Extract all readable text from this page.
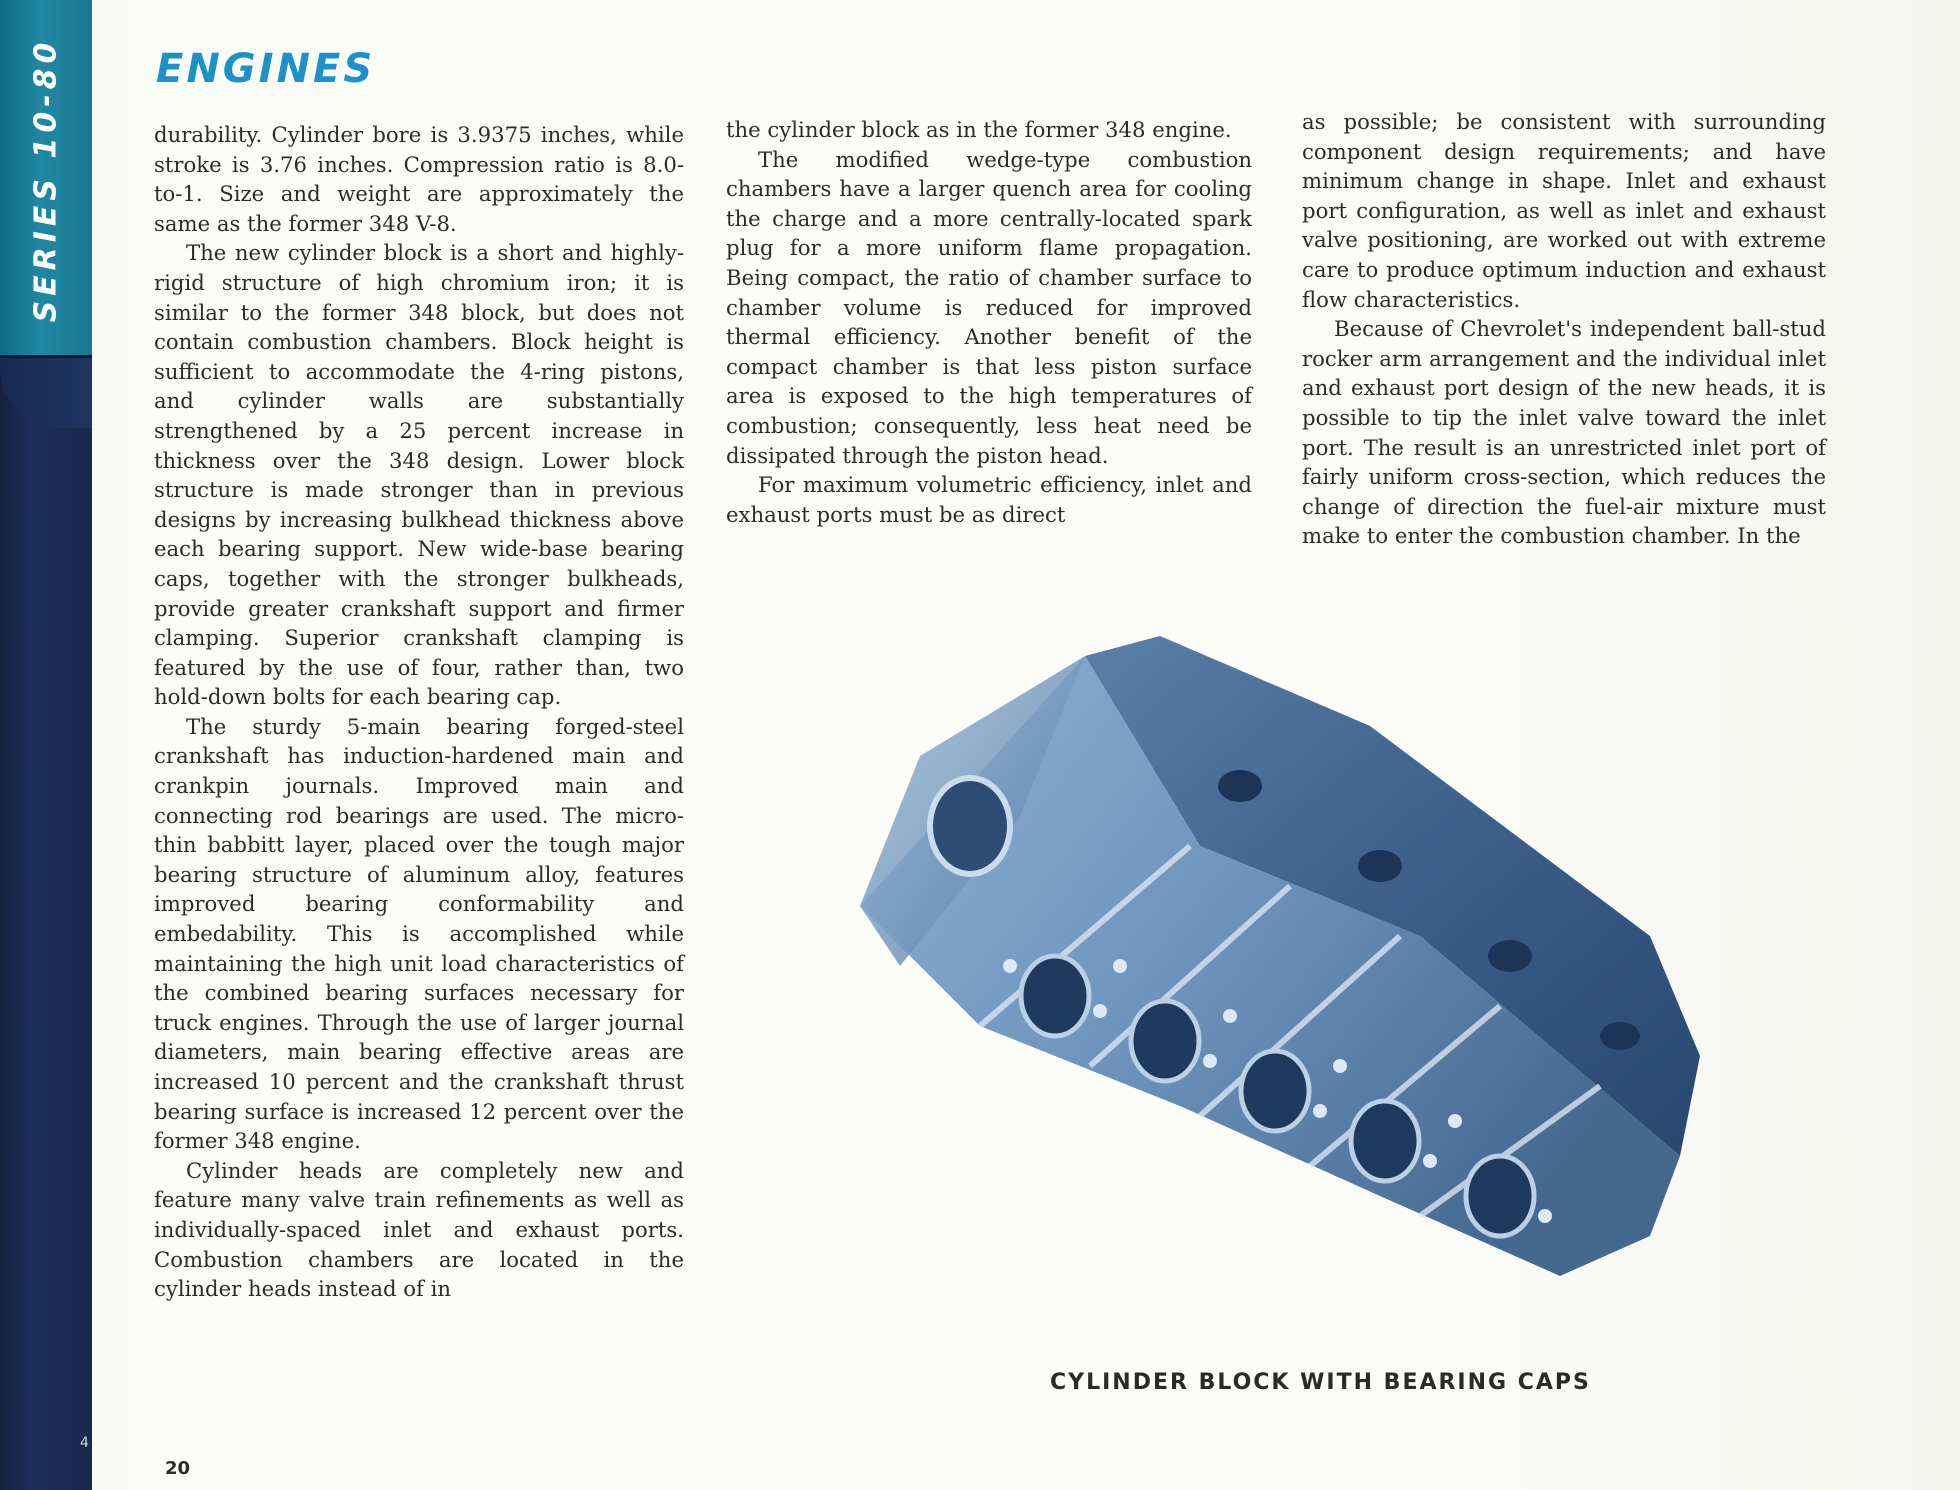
SERIES 10-80
4
ENGINES

durability. Cylinder bore is 3.9375 inches, while stroke is 3.76 inches. Compression ratio is 8.0-to-1. Size and weight are approximately the same as the former 348 V-8.

The new cylinder block is a short and highly-rigid structure of high chromium iron; it is similar to the former 348 block, but does not contain combustion chambers. Block height is sufficient to accommodate the 4-ring pistons, and cylinder walls are substantially strengthened by a 25 percent increase in thickness over the 348 design. Lower block structure is made stronger than in previous designs by increasing bulkhead thickness above each bearing support. New wide-base bearing caps, together with the stronger bulkheads, provide greater crankshaft support and firmer clamping. Superior crankshaft clamping is featured by the use of four, rather than, two hold-down bolts for each bearing cap.

The sturdy 5-main bearing forged-steel crankshaft has induction-hardened main and crankpin journals. Improved main and connecting rod bearings are used. The micro-thin babbitt layer, placed over the tough major bearing structure of aluminum alloy, features improved bearing conformability and embedability. This is accomplished while maintaining the high unit load characteristics of the combined bearing surfaces necessary for truck engines. Through the use of larger journal diameters, main bearing effective areas are increased 10 percent and the crankshaft thrust bearing surface is increased 12 percent over the former 348 engine.

Cylinder heads are completely new and feature many valve train refinements as well as individually-spaced inlet and exhaust ports. Combustion chambers are located in the cylinder heads instead of in

the cylinder block as in the former 348 engine.

The modified wedge-type combustion chambers have a larger quench area for cooling the charge and a more centrally-located spark plug for a more uniform flame propagation. Being compact, the ratio of chamber surface to chamber volume is reduced for improved thermal efficiency. Another benefit of the compact chamber is that less piston surface area is exposed to the high temperatures of combustion; consequently, less heat need be dissipated through the piston head.

For maximum volumetric efficiency, inlet and exhaust ports must be as direct

as possible; be consistent with surrounding component design requirements; and have minimum change in shape. Inlet and exhaust port configuration, as well as inlet and exhaust valve positioning, are worked out with extreme care to produce optimum induction and exhaust flow characteristics.

Because of Chevrolet's independent ball-stud rocker arm arrangement and the individual inlet and exhaust port design of the new heads, it is possible to tip the inlet valve toward the inlet port. The result is an unrestricted inlet port of fairly uniform cross-section, which reduces the change of direction the fuel-air mixture must make to enter the combustion chamber. In the

CYLINDER BLOCK WITH BEARING CAPS
20
